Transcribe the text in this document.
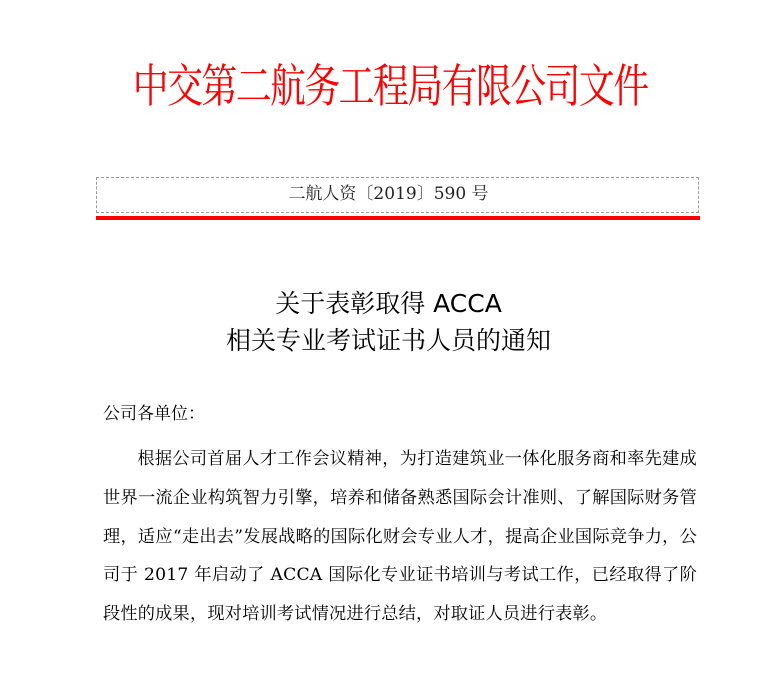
中交第二航务工程局有限公司文件
二航人资〔2019〕590 号
关于表彰取得 ACCA
相关专业考试证书人员的通知
公司各单位：
根据公司首届人才工作会议精神，为打造建筑业一体化服务商和率先建成世界一流企业构筑智力引擎，培养和储备熟悉国际会计准则、了解国际财务管理，适应“走出去”发展战略的国际化财会专业人才，提高企业国际竞争力，公司于 2017 年启动了 ACCA 国际化专业证书培训与考试工作，已经取得了阶段性的成果，现对培训考试情况进行总结，对取证人员进行表彰。
